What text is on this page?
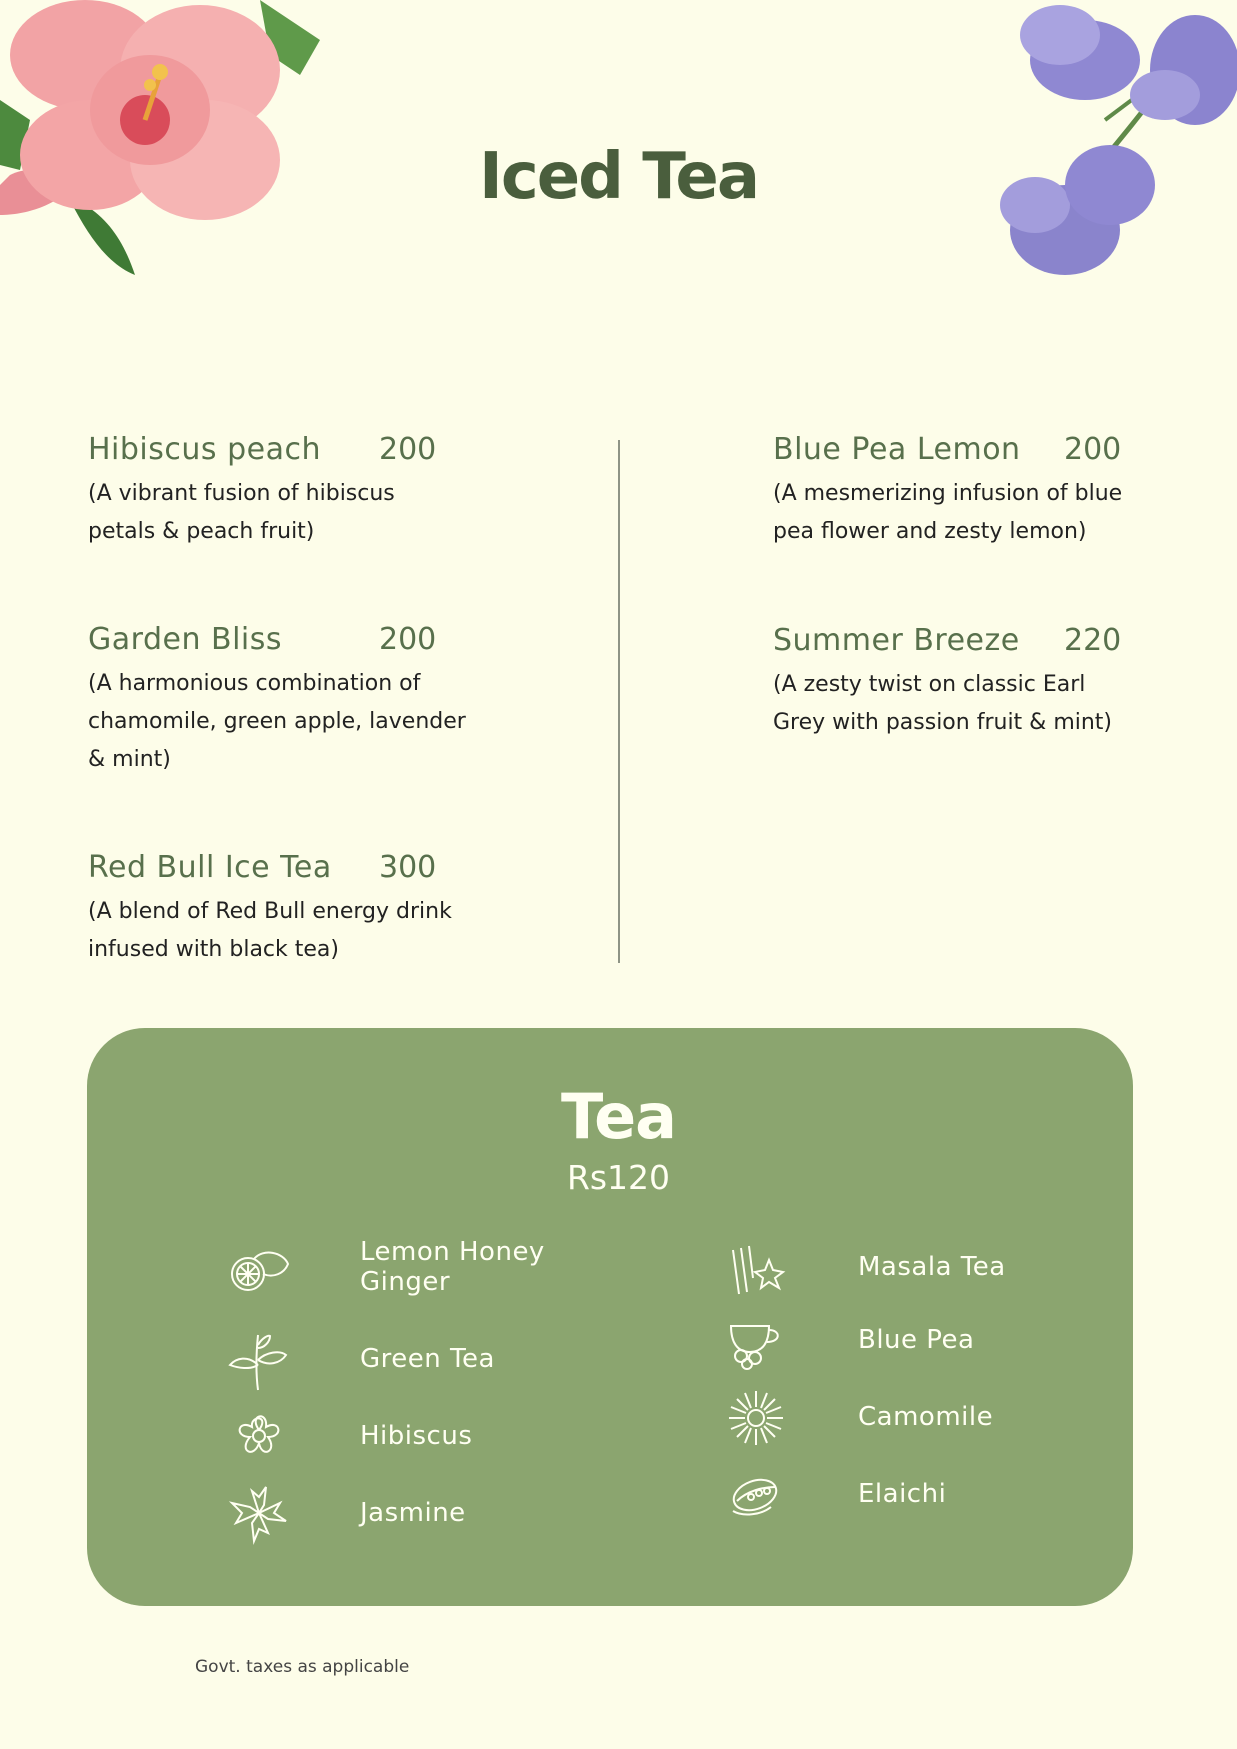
Iced Tea
Hibiscus peach 200
(A vibrant fusion of hibiscus petals & peach fruit)
Garden Bliss	200
(A harmonious combination of chamomile, green apple, lavender & mint)
Red Bull Ice Tea 300
(A blend of Red Bull energy drink infused with black tea)
Blue Pea Lemon 200
(A mesmerizing infusion of blue pea flower and zesty lemon)
Summer Breeze 220
(A zesty twist on classic Earl Grey with passion fruit & mint)
Tea
Rs120
Lemon Honey Ginger
Green Tea
Hibiscus
Jasmine
Masala Tea
Blue Pea
Camomile
Elaichi
Govt. taxes as applicable
